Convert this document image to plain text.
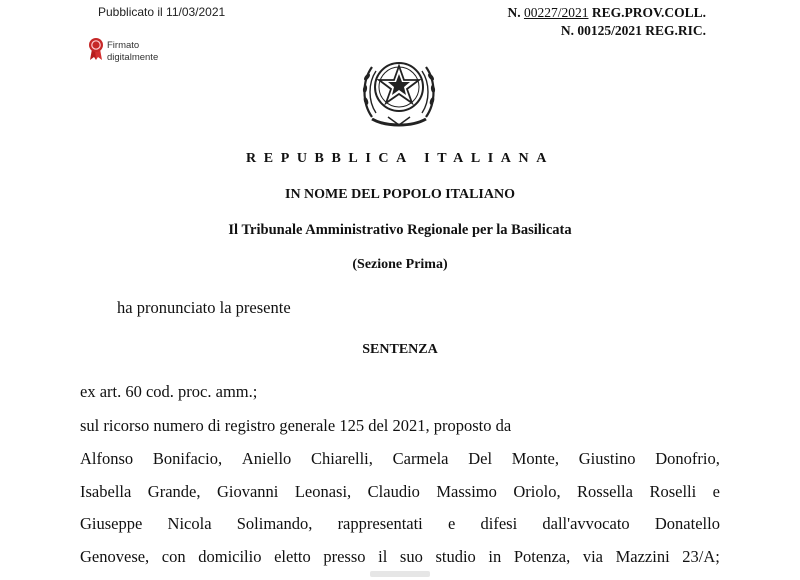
Pubblicato il 11/03/2021	N. 00227/2021 REG.PROV.COLL.
N. 00125/2021 REG.RIC.
Firmato
digitalmente
REPUBBLICA ITALIANA
IN NOME DEL POPOLO ITALIANO
Il Tribunale Amministrativo Regionale per la Basilicata
(Sezione Prima)
ha pronunciato la presente
SENTENZA
ex art. 60 cod. proc. amm.;
sul ricorso numero di registro generale 125 del 2021, proposto da
Alfonso Bonifacio, Aniello Chiarelli, Carmela Del Monte, Giustino Donofrio,
Isabella Grande, Giovanni Leonasi, Claudio Massimo Oriolo, Rossella Roselli e
Giuseppe Nicola Solimando, rappresentati e difesi dall'avvocato Donatello
Genovese, con domicilio eletto presso il suo studio in Potenza, via Mazzini 23/A;
